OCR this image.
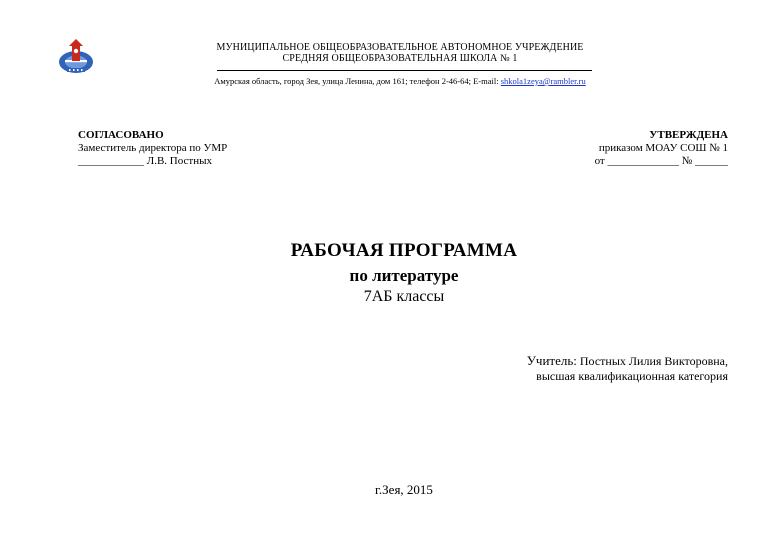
МУНИЦИПАЛЬНОЕ ОБЩЕОБРАЗОВАТЕЛЬНОЕ АВТОНОМНОЕ УЧРЕЖДЕНИЕ
СРЕДНЯЯ ОБЩЕОБРАЗОВАТЕЛЬНАЯ ШКОЛА № 1
Амурская область, город Зея, улица Ленина, дом 161; телефон 2-46-64; E-mail: shkola1zeya@rambler.ru
СОГЛАСОВАНО
Заместитель директора по УМР
____________ Л.В. Постных
УТВЕРЖДЕНА
приказом МОАУ СОШ № 1
от _____________ № ______
РАБОЧАЯ ПРОГРАММА
по литературе
7АБ классы
Учитель: Постных Лилия Викторовна,
высшая квалификационная категория
г.Зея, 2015
